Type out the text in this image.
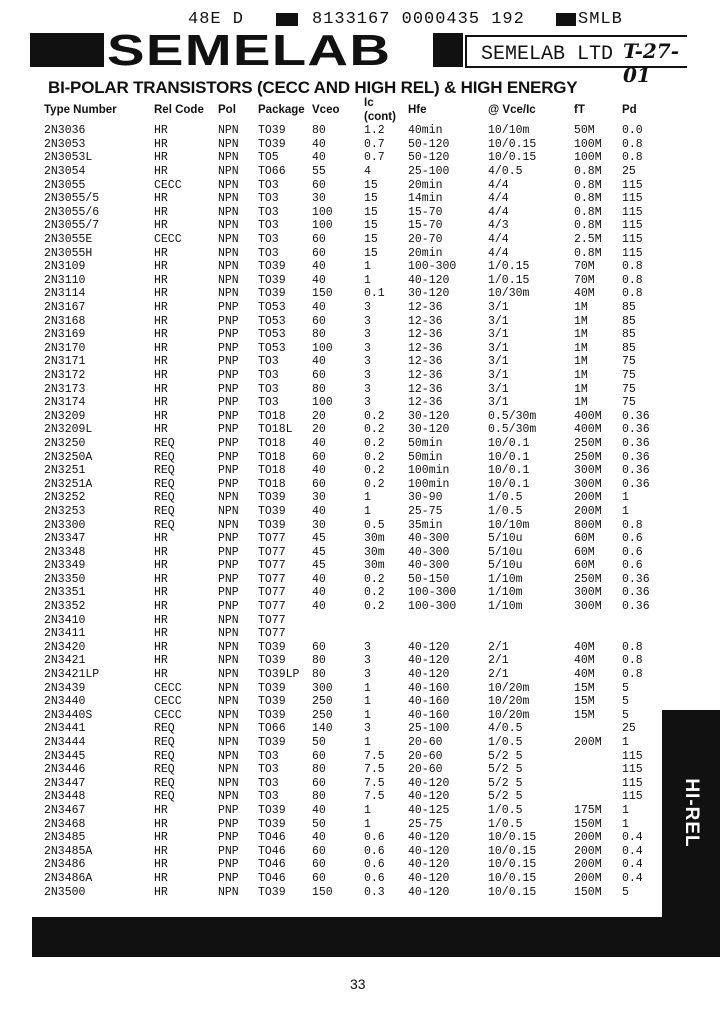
48E D	8133167 0000435 192	SMLB
SEMELAB	SEMELAB LTD T-27-01
BI-POLAR TRANSISTORS (CECC AND HIGH REL) & HIGH ENERGY
Type Number	Rel Code	Pol	Package	Vceo	Ic (cont)	Hfe	@ Vce/Ic	fT	Pd
2N3036	HR	NPN	TO39	80	1.2	40min	10/10m	50M	0.0
2N3053	HR	NPN	TO39	40	0.7	50-120	10/0.15	100M	0.8
2N3053L	HR	NPN	TO5	40	0.7	50-120	10/0.15	100M	0.8
2N3054	HR	NPN	TO66	55	4	25-100	4/0.5	0.8M	25
2N3055	CECC	NPN	TO3	60	15	20min	4/4	0.8M	115
2N3055/5	HR	NPN	TO3	30	15	14min	4/4	0.8M	115
2N3055/6	HR	NPN	TO3	100	15	15-70	4/4	0.8M	115
2N3055/7	HR	NPN	TO3	100	15	15-70	4/3	0.8M	115
2N3055E	CECC	NPN	TO3	60	15	20-70	4/4	2.5M	115
2N3055H	HR	NPN	TO3	60	15	20min	4/4	0.8M	115
2N3109	HR	NPN	TO39	40	1	100-300	1/0.15	70M	0.8
2N3110	HR	NPN	TO39	40	1	40-120	1/0.15	70M	0.8
2N3114	HR	NPN	TO39	150	0.1	30-120	10/30m	40M	0.8
2N3167	HR	PNP	TO53	40	3	12-36	3/1	1M	85
2N3168	HR	PNP	TO53	60	3	12-36	3/1	1M	85
2N3169	HR	PNP	TO53	80	3	12-36	3/1	1M	85
2N3170	HR	PNP	TO53	100	3	12-36	3/1	1M	85
2N3171	HR	PNP	TO3	40	3	12-36	3/1	1M	75
2N3172	HR	PNP	TO3	60	3	12-36	3/1	1M	75
2N3173	HR	PNP	TO3	80	3	12-36	3/1	1M	75
2N3174	HR	PNP	TO3	100	3	12-36	3/1	1M	75
2N3209	HR	PNP	TO18	20	0.2	30-120	0.5/30m	400M	0.36
2N3209L	HR	PNP	TO18L	20	0.2	30-120	0.5/30m	400M	0.36
2N3250	REQ	PNP	TO18	40	0.2	50min	10/0.1	250M	0.36
2N3250A	REQ	PNP	TO18	60	0.2	50min	10/0.1	250M	0.36
2N3251	REQ	PNP	TO18	40	0.2	100min	10/0.1	300M	0.36
2N3251A	REQ	PNP	TO18	60	0.2	100min	10/0.1	300M	0.36
2N3252	REQ	NPN	TO39	30	1	30-90	1/0.5	200M	1
2N3253	REQ	NPN	TO39	40	1	25-75	1/0.5	200M	1
2N3300	REQ	NPN	TO39	30	0.5	35min	10/10m	800M	0.8
2N3347	HR	PNP	TO77	45	30m	40-300	5/10u	60M	0.6
2N3348	HR	PNP	TO77	45	30m	40-300	5/10u	60M	0.6
2N3349	HR	PNP	TO77	45	30m	40-300	5/10u	60M	0.6
2N3350	HR	PNP	TO77	40	0.2	50-150	1/10m	250M	0.36
2N3351	HR	PNP	TO77	40	0.2	100-300	1/10m	300M	0.36
2N3352	HR	PNP	TO77	40	0.2	100-300	1/10m	300M	0.36
2N3410	HR	NPN	TO77						
2N3411	HR	NPN	TO77						
2N3420	HR	NPN	TO39	60	3	40-120	2/1	40M	0.8
2N3421	HR	NPN	TO39	80	3	40-120	2/1	40M	0.8
2N3421LP	HR	NPN	TO39LP	80	3	40-120	2/1	40M	0.8
2N3439	CECC	NPN	TO39	300	1	40-160	10/20m	15M	5
2N3440	CECC	NPN	TO39	250	1	40-160	10/20m	15M	5
2N3440S	CECC	NPN	TO39	250	1	40-160	10/20m	15M	5
2N3441	REQ	NPN	TO66	140	3	25-100	4/0.5		25
2N3444	REQ	NPN	TO39	50	1	20-60	1/0.5	200M	1
2N3445	REQ	NPN	TO3	60	7.5	20-60	5/2 5		115
2N3446	REQ	NPN	TO3	80	7.5	20-60	5/2 5		115
2N3447	REQ	NPN	TO3	60	7.5	40-120	5/2 5		115
2N3448	REQ	NPN	TO3	80	7.5	40-120	5/2 5		115
2N3467	HR	PNP	TO39	40	1	40-125	1/0.5	175M	1
2N3468	HR	PNP	TO39	50	1	25-75	1/0.5	150M	1
2N3485	HR	PNP	TO46	40	0.6	40-120	10/0.15	200M	0.4
2N3485A	HR	PNP	TO46	60	0.6	40-120	10/0.15	200M	0.4
2N3486	HR	PNP	TO46	60	0.6	40-120	10/0.15	200M	0.4
2N3486A	HR	PNP	TO46	60	0.6	40-120	10/0.15	200M	0.4
2N3500	HR	NPN	TO39	150	0.3	40-120	10/0.15	150M	5
HI-REL
33
